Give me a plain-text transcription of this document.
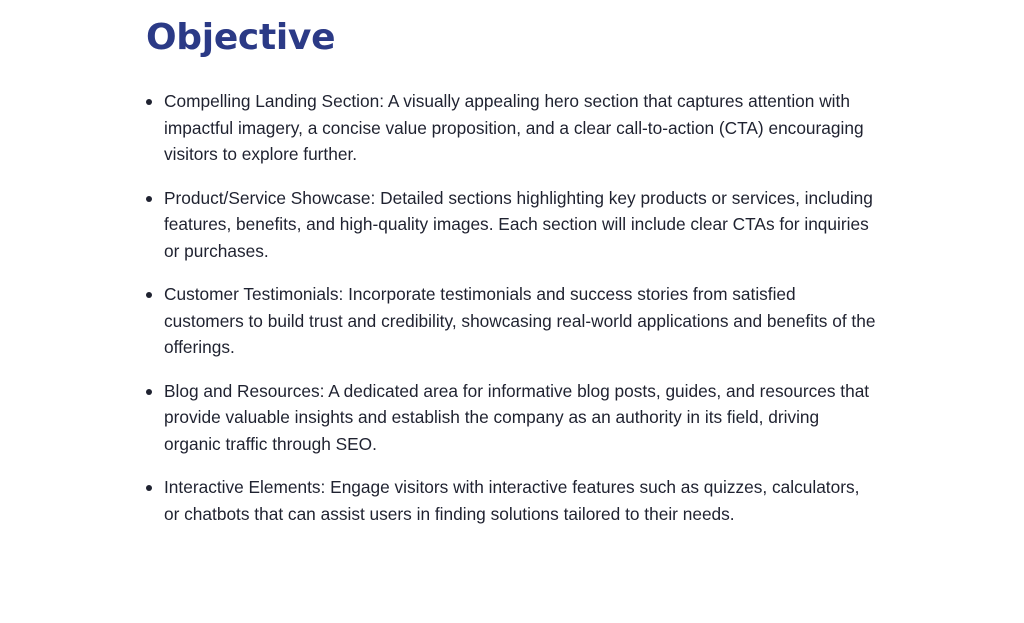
Objective
Compelling Landing Section: A visually appealing hero section that captures attention with impactful imagery, a concise value proposition, and a clear call-to-action (CTA) encouraging visitors to explore further.
Product/Service Showcase: Detailed sections highlighting key products or services, including features, benefits, and high-quality images. Each section will include clear CTAs for inquiries or purchases.
Customer Testimonials: Incorporate testimonials and success stories from satisfied customers to build trust and credibility, showcasing real-world applications and benefits of the offerings.
Blog and Resources: A dedicated area for informative blog posts, guides, and resources that provide valuable insights and establish the company as an authority in its field, driving organic traffic through SEO.
Interactive Elements: Engage visitors with interactive features such as quizzes, calculators, or chatbots that can assist users in finding solutions tailored to their needs.
